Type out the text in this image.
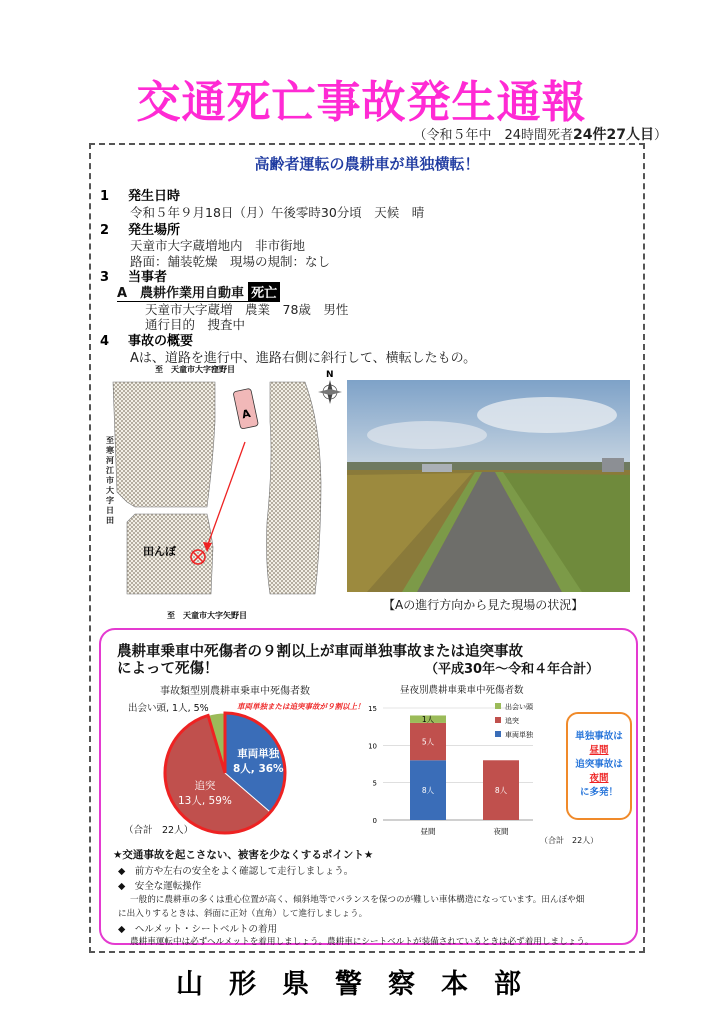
交通死亡事故発生通報
（令和５年中　24時間死者24件27人目）
高齢者運転の農耕車が単独横転！
1 発生日時
令和５年９月18日（月）午後零時30分頃　天候　晴
2 発生場所
天童市大字蔵増地内　非市街地
路面：舗装乾燥　現場の規制：なし
3 当事者
A　農耕作業用自動車 死亡
天童市大字蔵増　農業　78歳　男性
通行目的　捜査中
4 事故の概要
Aは、道路を進行中、進路右側に斜行して、横転したもの。
至　天童市大字窪野目
A
田んぼ
N
至　天童市大字矢野目
至寒河江市大字日田
【Aの進行方向から見た現場の状況】
農耕車乗車中死傷者の９割以上が車両単独事故または追突事故
によって死傷！	（平成30年～令和４年合計）
事故類型別農耕車乗車中死傷者数
出会い頭, 1人, 5%	車両単独または追突事故が９割以上！
車両単独
8人, 36%
追突
13人, 59%
（合計　22人）
昼夜別農耕車乗車中死傷者数
0
5
10
15
8人
5人
1人
昼間
8人
夜間
出会い頭
追突
車両単独
（合計　22人）
単独事故は
昼間
追突事故は
夜間
に多発！
★交通事故を起こさない、被害を少なくするポイント★
◆　前方や左右の安全をよく確認して走行しましょう。
◆　安全な運転操作
一般的に農耕車の多くは重心位置が高く、傾斜地等でバランスを保つのが難しい車体構造になっています。田んぼや畑
に出入りするときは、斜面に正対（直角）して進行しましょう。
◆　ヘルメット・シートベルトの着用
農耕車運転中は必ずヘルメットを着用しましょう。農耕車にシートベルトが装備されているときは必ず着用しましょう。
山形県警察本部
